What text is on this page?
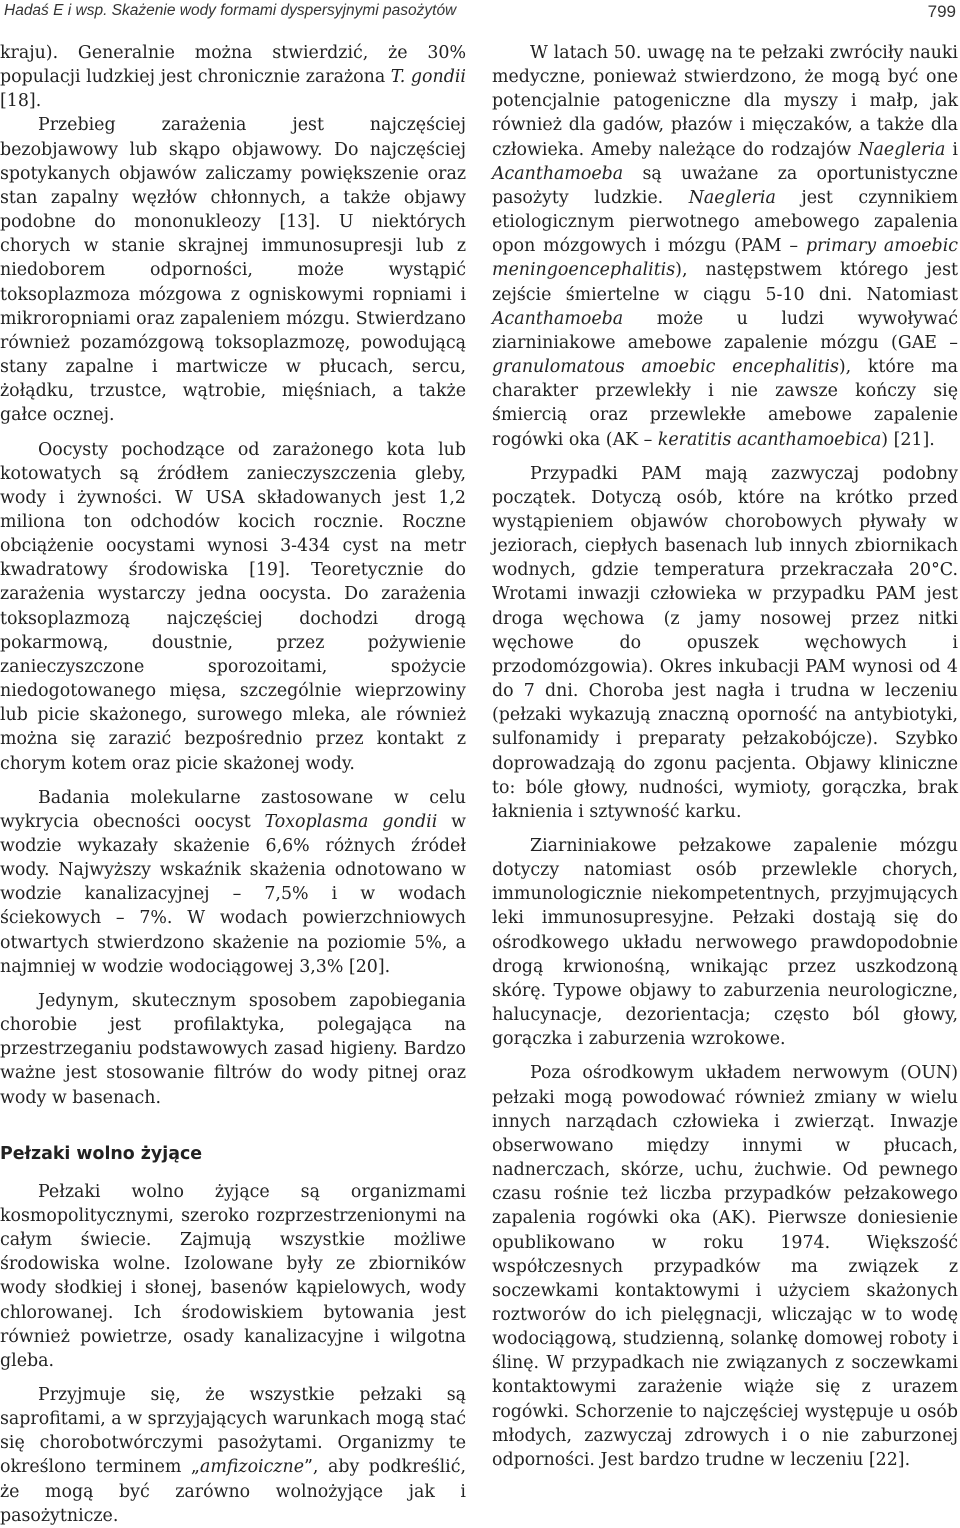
Hadaś E i wsp. Skażenie wody formami dyspersyjnymi pasożytów	799

kraju). Generalnie można stwierdzić, że 30% populacji ludzkiej jest chronicznie zarażona T. gondii [18].

Przebieg zarażenia jest najczęściej bezobjawowy lub skąpo objawowy. Do najczęściej spotykanych objawów zaliczamy powiększenie oraz stan zapalny węzłów chłonnych, a także objawy podobne do mononukleozy [13]. U niektórych chorych w stanie skrajnej immunosupresji lub z niedoborem odporności, może wystąpić toksoplazmoza mózgowa z ogniskowymi ropniami i mikroropniami oraz zapaleniem mózgu. Stwierdzano również pozamózgową toksoplazmozę, powodującą stany zapalne i martwicze w płucach, sercu, żołądku, trzustce, wątrobie, mięśniach, a także gałce ocznej.

Oocysty pochodzące od zarażonego kota lub kotowatych są źródłem zanieczyszczenia gleby, wody i żywności. W USA składowanych jest 1,2 miliona ton odchodów kocich rocznie. Roczne obciążenie oocystami wynosi 3-434 cyst na metr kwadratowy środowiska [19]. Teoretycznie do zarażenia wystarczy jedna oocysta. Do zarażenia toksoplazmozą najczęściej dochodzi drogą pokarmową, doustnie, przez pożywienie zanieczyszczone sporozoitami, spożycie niedogotowanego mięsa, szczególnie wieprzowiny lub picie skażonego, surowego mleka, ale również można się zarazić bezpośrednio przez kontakt z chorym kotem oraz picie skażonej wody.

Badania molekularne zastosowane w celu wykrycia obecności oocyst Toxoplasma gondii w wodzie wykazały skażenie 6,6% różnych źródeł wody. Najwyższy wskaźnik skażenia odnotowano w wodzie kanalizacyjnej – 7,5% i w wodach ściekowych – 7%. W wodach powierzchniowych otwartych stwierdzono skażenie na poziomie 5%, a najmniej w wodzie wodociągowej 3,3% [20].

Jedynym, skutecznym sposobem zapobiegania chorobie jest profilaktyka, polegająca na przestrzeganiu podstawowych zasad higieny. Bardzo ważne jest stosowanie filtrów do wody pitnej oraz wody w basenach.

Pełzaki wolno żyjące

Pełzaki wolno żyjące są organizmami kosmopolitycznymi, szeroko rozprzestrzenionymi na całym świecie. Zajmują wszystkie możliwe środowiska wolne. Izolowane były ze zbiorników wody słodkiej i słonej, basenów kąpielowych, wody chlorowanej. Ich środowiskiem bytowania jest również powietrze, osady kanalizacyjne i wilgotna gleba.

Przyjmuje się, że wszystkie pełzaki są saprofitami, a w sprzyjających warunkach mogą stać się chorobotwórczymi pasożytami. Organizmy te określono terminem „amfizoiczne”, aby podkreślić, że mogą być zarówno wolnożyjące jak i pasożytnicze.

W latach 50. uwagę na te pełzaki zwróciły nauki medyczne, ponieważ stwierdzono, że mogą być one potencjalnie patogeniczne dla myszy i małp, jak również dla gadów, płazów i mięczaków, a także dla człowieka. Ameby należące do rodzajów Naegleria i Acanthamoeba są uważane za oportunistyczne pasożyty ludzkie. Naegleria jest czynnikiem etiologicznym pierwotnego amebowego zapalenia opon mózgowych i mózgu (PAM – primary amoebic meningoencephalitis), następstwem którego jest zejście śmiertelne w ciągu 5-10 dni. Natomiast Acanthamoeba może u ludzi wywoływać ziarniniakowe amebowe zapalenie mózgu (GAE – granulomatous amoebic encephalitis), które ma charakter przewlekły i nie zawsze kończy się śmiercią oraz przewlekłe amebowe zapalenie rogówki oka (AK – keratitis acanthamoebica) [21].

Przypadki PAM mają zazwyczaj podobny początek. Dotyczą osób, które na krótko przed wystąpieniem objawów chorobowych pływały w jeziorach, ciepłych basenach lub innych zbiornikach wodnych, gdzie temperatura przekraczała 20°C. Wrotami inwazji człowieka w przypadku PAM jest droga węchowa (z jamy nosowej przez nitki węchowe do opuszek węchowych i przodomózgowia). Okres inkubacji PAM wynosi od 4 do 7 dni. Choroba jest nagła i trudna w leczeniu (pełzaki wykazują znaczną oporność na antybiotyki, sulfonamidy i preparaty pełzakobójcze). Szybko doprowadzają do zgonu pacjenta. Objawy kliniczne to: bóle głowy, nudności, wymioty, gorączka, brak łaknienia i sztywność karku.

Ziarniniakowe pełzakowe zapalenie mózgu dotyczy natomiast osób przewlekle chorych, immunologicznie niekompetentnych, przyjmujących leki immunosupresyjne. Pełzaki dostają się do ośrodkowego układu nerwowego prawdopodobnie drogą krwionośną, wnikając przez uszkodzoną skórę. Typowe objawy to zaburzenia neurologiczne, halucynacje, dezorientacja; często ból głowy, gorączka i zaburzenia wzrokowe.

Poza ośrodkowym układem nerwowym (OUN) pełzaki mogą powodować również zmiany w wielu innych narządach człowieka i zwierząt. Inwazje obserwowano między innymi w płucach, nadnerczach, skórze, uchu, żuchwie. Od pewnego czasu rośnie też liczba przypadków pełzakowego zapalenia rogówki oka (AK). Pierwsze doniesienie opublikowano w roku 1974. Większość współczesnych przypadków ma związek z soczewkami kontaktowymi i użyciem skażonych roztworów do ich pielęgnacji, wliczając w to wodę wodociągową, studzienną, solankę domowej roboty i ślinę. W przypadkach nie związanych z soczewkami kontaktowymi zarażenie wiąże się z urazem rogówki. Schorzenie to najczęściej występuje u osób młodych, zazwyczaj zdrowych i o nie zaburzonej odporności. Jest bardzo trudne w leczeniu [22].
